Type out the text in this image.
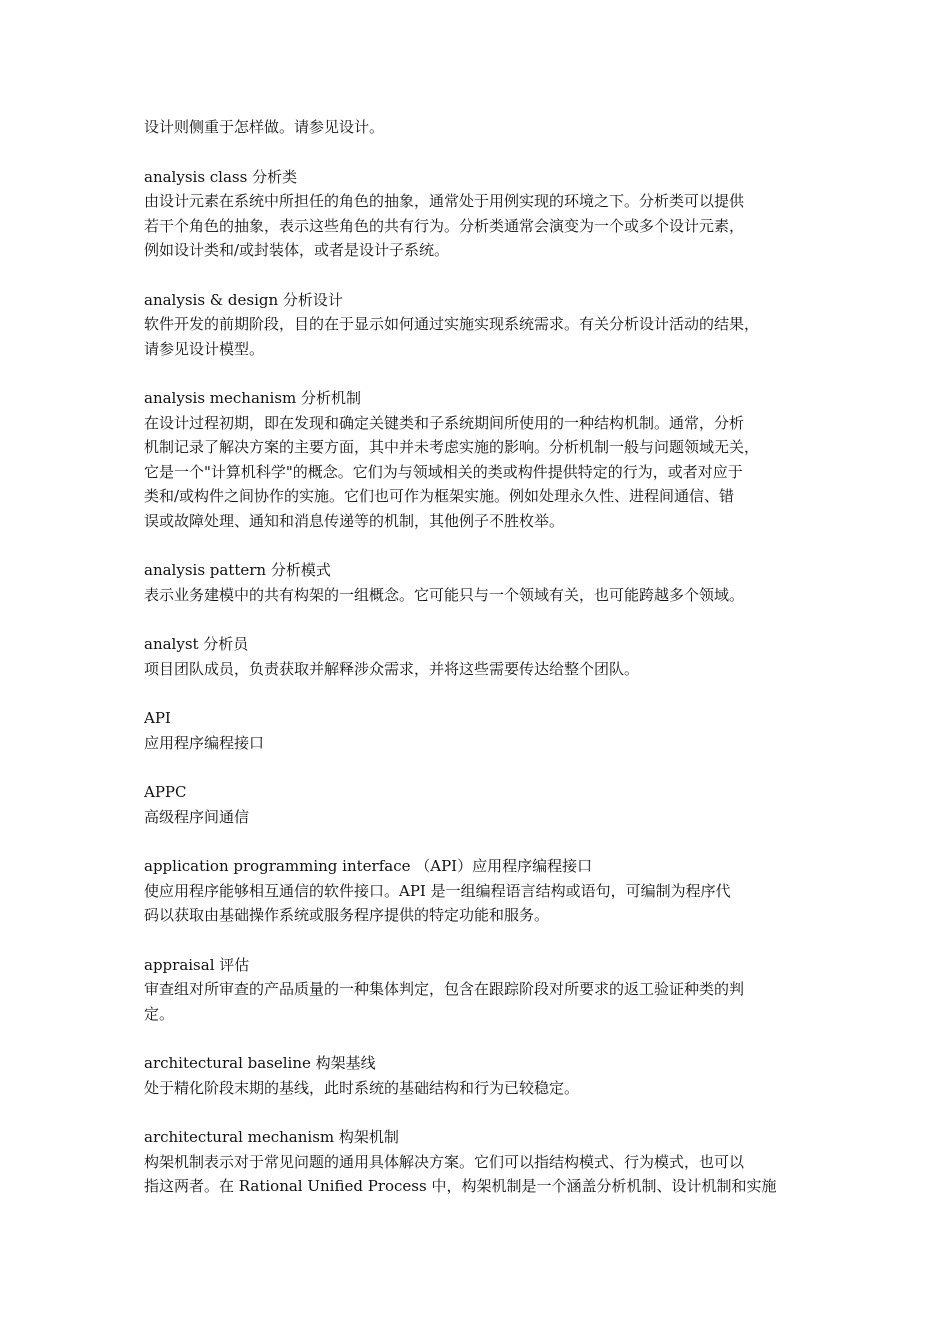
设计则侧重于怎样做。请参见设计。
analysis class 分析类
由设计元素在系统中所担任的角色的抽象，通常处于用例实现的环境之下。分析类可以提供
若干个角色的抽象，表示这些角色的共有行为。分析类通常会演变为一个或多个设计元素，
例如设计类和/或封装体，或者是设计子系统。
analysis & design 分析设计
软件开发的前期阶段，目的在于显示如何通过实施实现系统需求。有关分析设计活动的结果，
请参见设计模型。
analysis mechanism 分析机制
在设计过程初期，即在发现和确定关键类和子系统期间所使用的一种结构机制。通常，分析
机制记录了解决方案的主要方面，其中并未考虑实施的影响。分析机制一般与问题领域无关，
它是一个"计算机科学"的概念。它们为与领域相关的类或构件提供特定的行为，或者对应于
类和/或构件之间协作的实施。它们也可作为框架实施。例如处理永久性、进程间通信、错
误或故障处理、通知和消息传递等的机制，其他例子不胜枚举。
analysis pattern 分析模式
表示业务建模中的共有构架的一组概念。它可能只与一个领域有关，也可能跨越多个领域。
analyst 分析员
项目团队成员，负责获取并解释涉众需求，并将这些需要传达给整个团队。
API
应用程序编程接口
APPC
高级程序间通信
application programming interface （API）应用程序编程接口
使应用程序能够相互通信的软件接口。API 是一组编程语言结构或语句，可编制为程序代
码以获取由基础操作系统或服务程序提供的特定功能和服务。
appraisal 评估
审查组对所审查的产品质量的一种集体判定，包含在跟踪阶段对所要求的返工验证种类的判
定。
architectural baseline 构架基线
处于精化阶段末期的基线，此时系统的基础结构和行为已较稳定。
architectural mechanism 构架机制
构架机制表示对于常见问题的通用具体解决方案。它们可以指结构模式、行为模式，也可以
指这两者。在 Rational Unified Process 中，构架机制是一个涵盖分析机制、设计机制和实施
